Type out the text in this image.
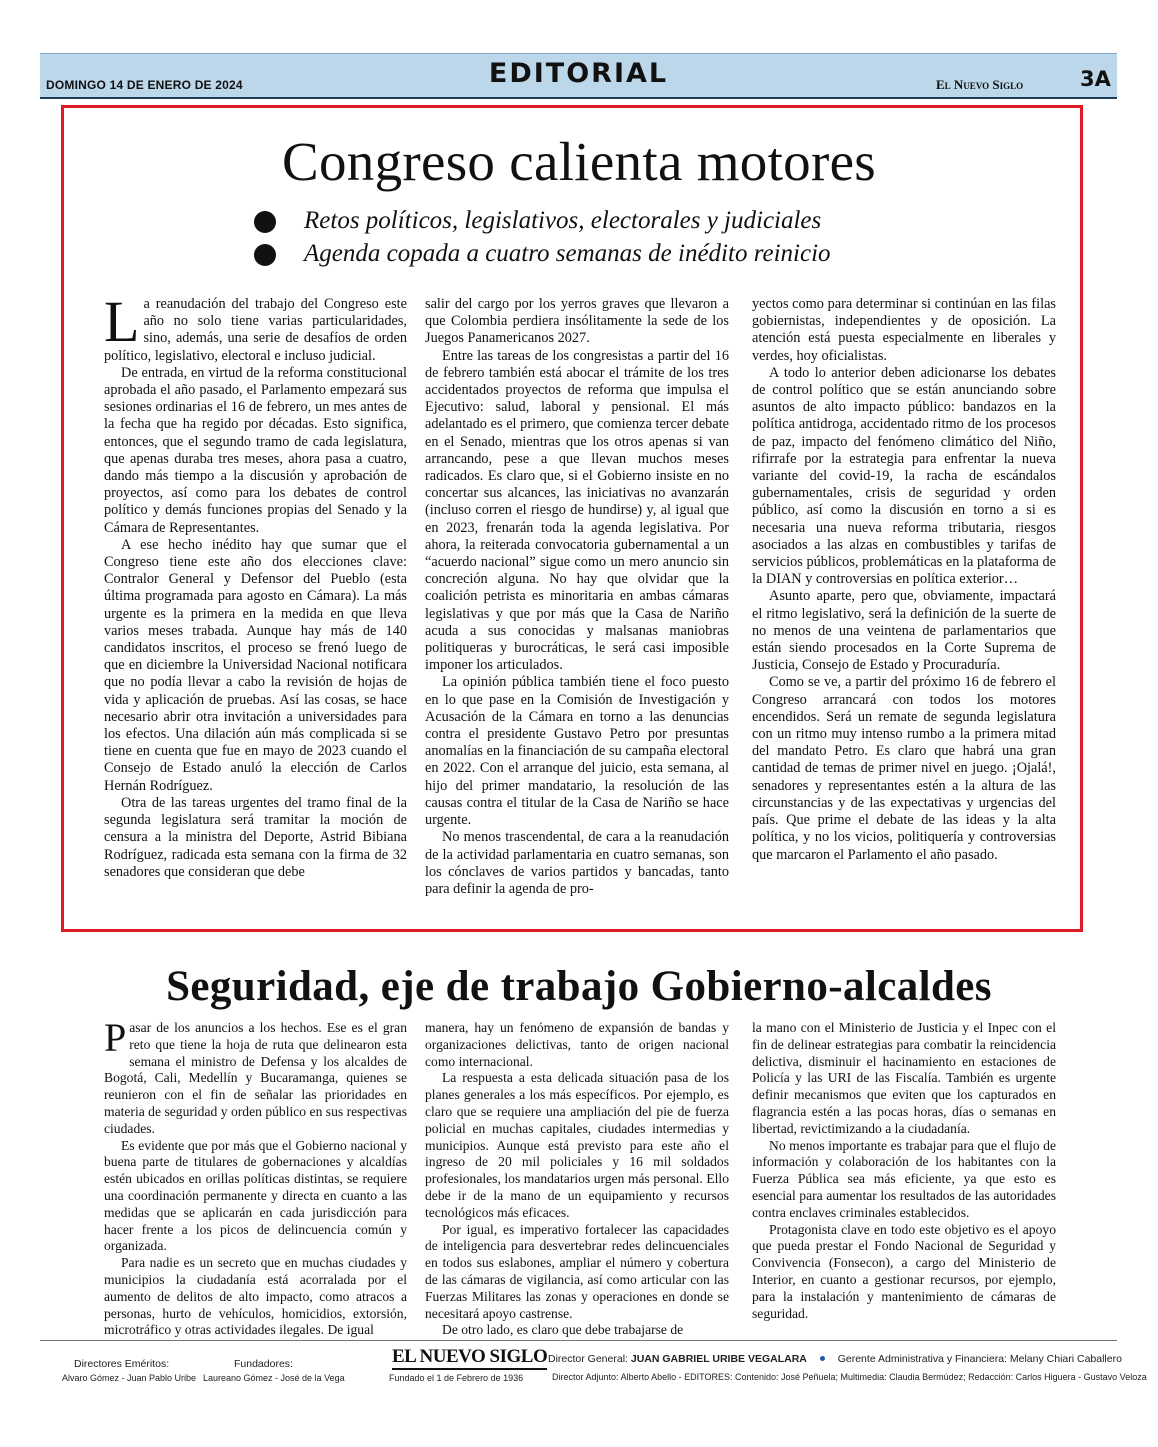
DOMINGO 14 DE ENERO DE 2024	EDITORIAL	El Nuevo Siglo	3A
Congreso calienta motores
Retos políticos, legislativos, electorales y judiciales
Agenda copada a cuatro semanas de inédito reinicio

La reanudación del trabajo del Congreso este año no solo tiene varias particularidades, sino, además, una serie de desafíos de orden político, legislativo, electoral e incluso judicial.

De entrada, en virtud de la reforma constitucional aprobada el año pasado, el Parlamento empezará sus sesiones ordinarias el 16 de febrero, un mes antes de la fecha que ha regido por décadas. Esto significa, entonces, que el segundo tramo de cada legislatura, que apenas duraba tres meses, ahora pasa a cuatro, dando más tiempo a la discusión y aprobación de proyectos, así como para los debates de control político y demás funciones propias del Senado y la Cámara de Representantes.

A ese hecho inédito hay que sumar que el Congreso tiene este año dos elecciones clave: Contralor General y Defensor del Pueblo (esta última programada para agosto en Cámara). La más urgente es la primera en la medida en que lleva varios meses trabada. Aunque hay más de 140 candidatos inscritos, el proceso se frenó luego de que en diciembre la Universidad Nacional notificara que no podía llevar a cabo la revisión de hojas de vida y aplicación de pruebas. Así las cosas, se hace necesario abrir otra invitación a universidades para los efectos. Una dilación aún más complicada si se tiene en cuenta que fue en mayo de 2023 cuando el Consejo de Estado anuló la elección de Carlos Hernán Rodríguez.

Otra de las tareas urgentes del tramo final de la segunda legislatura será tramitar la moción de censura a la ministra del Deporte, Astrid Bibiana Rodríguez, radicada esta semana con la firma de 32 senadores que consideran que debe

salir del cargo por los yerros graves que llevaron a que Colombia perdiera insólitamente la sede de los Juegos Panamericanos 2027.

Entre las tareas de los congresistas a partir del 16 de febrero también está abocar el trámite de los tres accidentados proyectos de reforma que impulsa el Ejecutivo: salud, laboral y pensional. El más adelantado es el primero, que comienza tercer debate en el Senado, mientras que los otros apenas si van arrancando, pese a que llevan muchos meses radicados. Es claro que, si el Gobierno insiste en no concertar sus alcances, las iniciativas no avanzarán (incluso corren el riesgo de hundirse) y, al igual que en 2023, frenarán toda la agenda legislativa. Por ahora, la reiterada convocatoria gubernamental a un “acuerdo nacional” sigue como un mero anuncio sin concreción alguna. No hay que olvidar que la coalición petrista es minoritaria en ambas cámaras legislativas y que por más que la Casa de Nariño acuda a sus conocidas y malsanas maniobras politiqueras y burocráticas, le será casi imposible imponer los articulados.

La opinión pública también tiene el foco puesto en lo que pase en la Comisión de Investigación y Acusación de la Cámara en torno a las denuncias contra el presidente Gustavo Petro por presuntas anomalías en la financiación de su campaña electoral en 2022. Con el arranque del juicio, esta semana, al hijo del primer mandatario, la resolución de las causas contra el titular de la Casa de Nariño se hace urgente.

No menos trascendental, de cara a la reanudación de la actividad parlamentaria en cuatro semanas, son los cónclaves de varios partidos y bancadas, tanto para definir la agenda de pro-

yectos como para determinar si continúan en las filas gobiernistas, independientes y de oposición. La atención está puesta especialmente en liberales y verdes, hoy oficialistas.

A todo lo anterior deben adicionarse los debates de control político que se están anunciando sobre asuntos de alto impacto público: bandazos en la política antidroga, accidentado ritmo de los procesos de paz, impacto del fenómeno climático del Niño, rifirrafe por la estrategia para enfrentar la nueva variante del covid-19, la racha de escándalos gubernamentales, crisis de seguridad y orden público, así como la discusión en torno a si es necesaria una nueva reforma tributaria, riesgos asociados a las alzas en combustibles y tarifas de servicios públicos, problemáticas en la plataforma de la DIAN y controversias en política exterior…

Asunto aparte, pero que, obviamente, impactará el ritmo legislativo, será la definición de la suerte de no menos de una veintena de parlamentarios que están siendo procesados en la Corte Suprema de Justicia, Consejo de Estado y Procuraduría.

Como se ve, a partir del próximo 16 de febrero el Congreso arrancará con todos los motores encendidos. Será un remate de segunda legislatura con un ritmo muy intenso rumbo a la primera mitad del mandato Petro. Es claro que habrá una gran cantidad de temas de primer nivel en juego. ¡Ojalá!, senadores y representantes estén a la altura de las circunstancias y de las expectativas y urgencias del país. Que prime el debate de las ideas y la alta política, y no los vicios, politiquería y controversias que marcaron el Parlamento el año pasado.

Seguridad, eje de trabajo Gobierno-alcaldes

Pasar de los anuncios a los hechos. Ese es el gran reto que tiene la hoja de ruta que delinearon esta semana el ministro de Defensa y los alcaldes de Bogotá, Cali, Medellín y Bucaramanga, quienes se reunieron con el fin de señalar las prioridades en materia de seguridad y orden público en sus respectivas ciudades.

Es evidente que por más que el Gobierno nacional y buena parte de titulares de gobernaciones y alcaldías estén ubicados en orillas políticas distintas, se requiere una coordinación permanente y directa en cuanto a las medidas que se aplicarán en cada jurisdicción para hacer frente a los picos de delincuencia común y organizada.

Para nadie es un secreto que en muchas ciudades y municipios la ciudadanía está acorralada por el aumento de delitos de alto impacto, como atracos a personas, hurto de vehículos, homicidios, extorsión, microtráfico y otras actividades ilegales. De igual

manera, hay un fenómeno de expansión de bandas y organizaciones delictivas, tanto de origen nacional como internacional.

La respuesta a esta delicada situación pasa de los planes generales a los más específicos. Por ejemplo, es claro que se requiere una ampliación del pie de fuerza policial en muchas capitales, ciudades intermedias y municipios. Aunque está previsto para este año el ingreso de 20 mil policiales y 16 mil soldados profesionales, los mandatarios urgen más personal. Ello debe ir de la mano de un equipamiento y recursos tecnológicos más eficaces.

Por igual, es imperativo fortalecer las capacidades de inteligencia para desvertebrar redes delincuenciales en todos sus eslabones, ampliar el número y cobertura de las cámaras de vigilancia, así como articular con las Fuerzas Militares las zonas y operaciones en donde se necesitará apoyo castrense.

De otro lado, es claro que debe trabajarse de

la mano con el Ministerio de Justicia y el Inpec con el fin de delinear estrategias para combatir la reincidencia delictiva, disminuir el hacinamiento en estaciones de Policía y las URI de las Fiscalía. También es urgente definir mecanismos que eviten que los capturados en flagrancia estén a las pocas horas, días o semanas en libertad, revictimizando a la ciudadanía.

No menos importante es trabajar para que el flujo de información y colaboración de los habitantes con la Fuerza Pública sea más eficiente, ya que esto es esencial para aumentar los resultados de las autoridades contra enclaves criminales establecidos.

Protagonista clave en todo este objetivo es el apoyo que pueda prestar el Fondo Nacional de Seguridad y Convivencia (Fonsecon), a cargo del Ministerio de Interior, en cuanto a gestionar recursos, por ejemplo, para la instalación y mantenimiento de cámaras de seguridad.

Directores Eméritos:
Alvaro Gómez - Juan Pablo Uribe
Fundadores:
Laureano Gómez - José de la Vega
EL NUEVO SIGLO
Fundado el 1 de Febrero de 1936
Director General: JUAN GABRIEL URIBE VEGALARA	Gerente Administrativa y Financiera: Melany Chiari Caballero
Director Adjunto: Alberto Abello - EDITORES: Contenido: José Peñuela; Multimedia: Claudia Bermúdez; Redacción: Carlos Higuera - Gustavo Veloza
